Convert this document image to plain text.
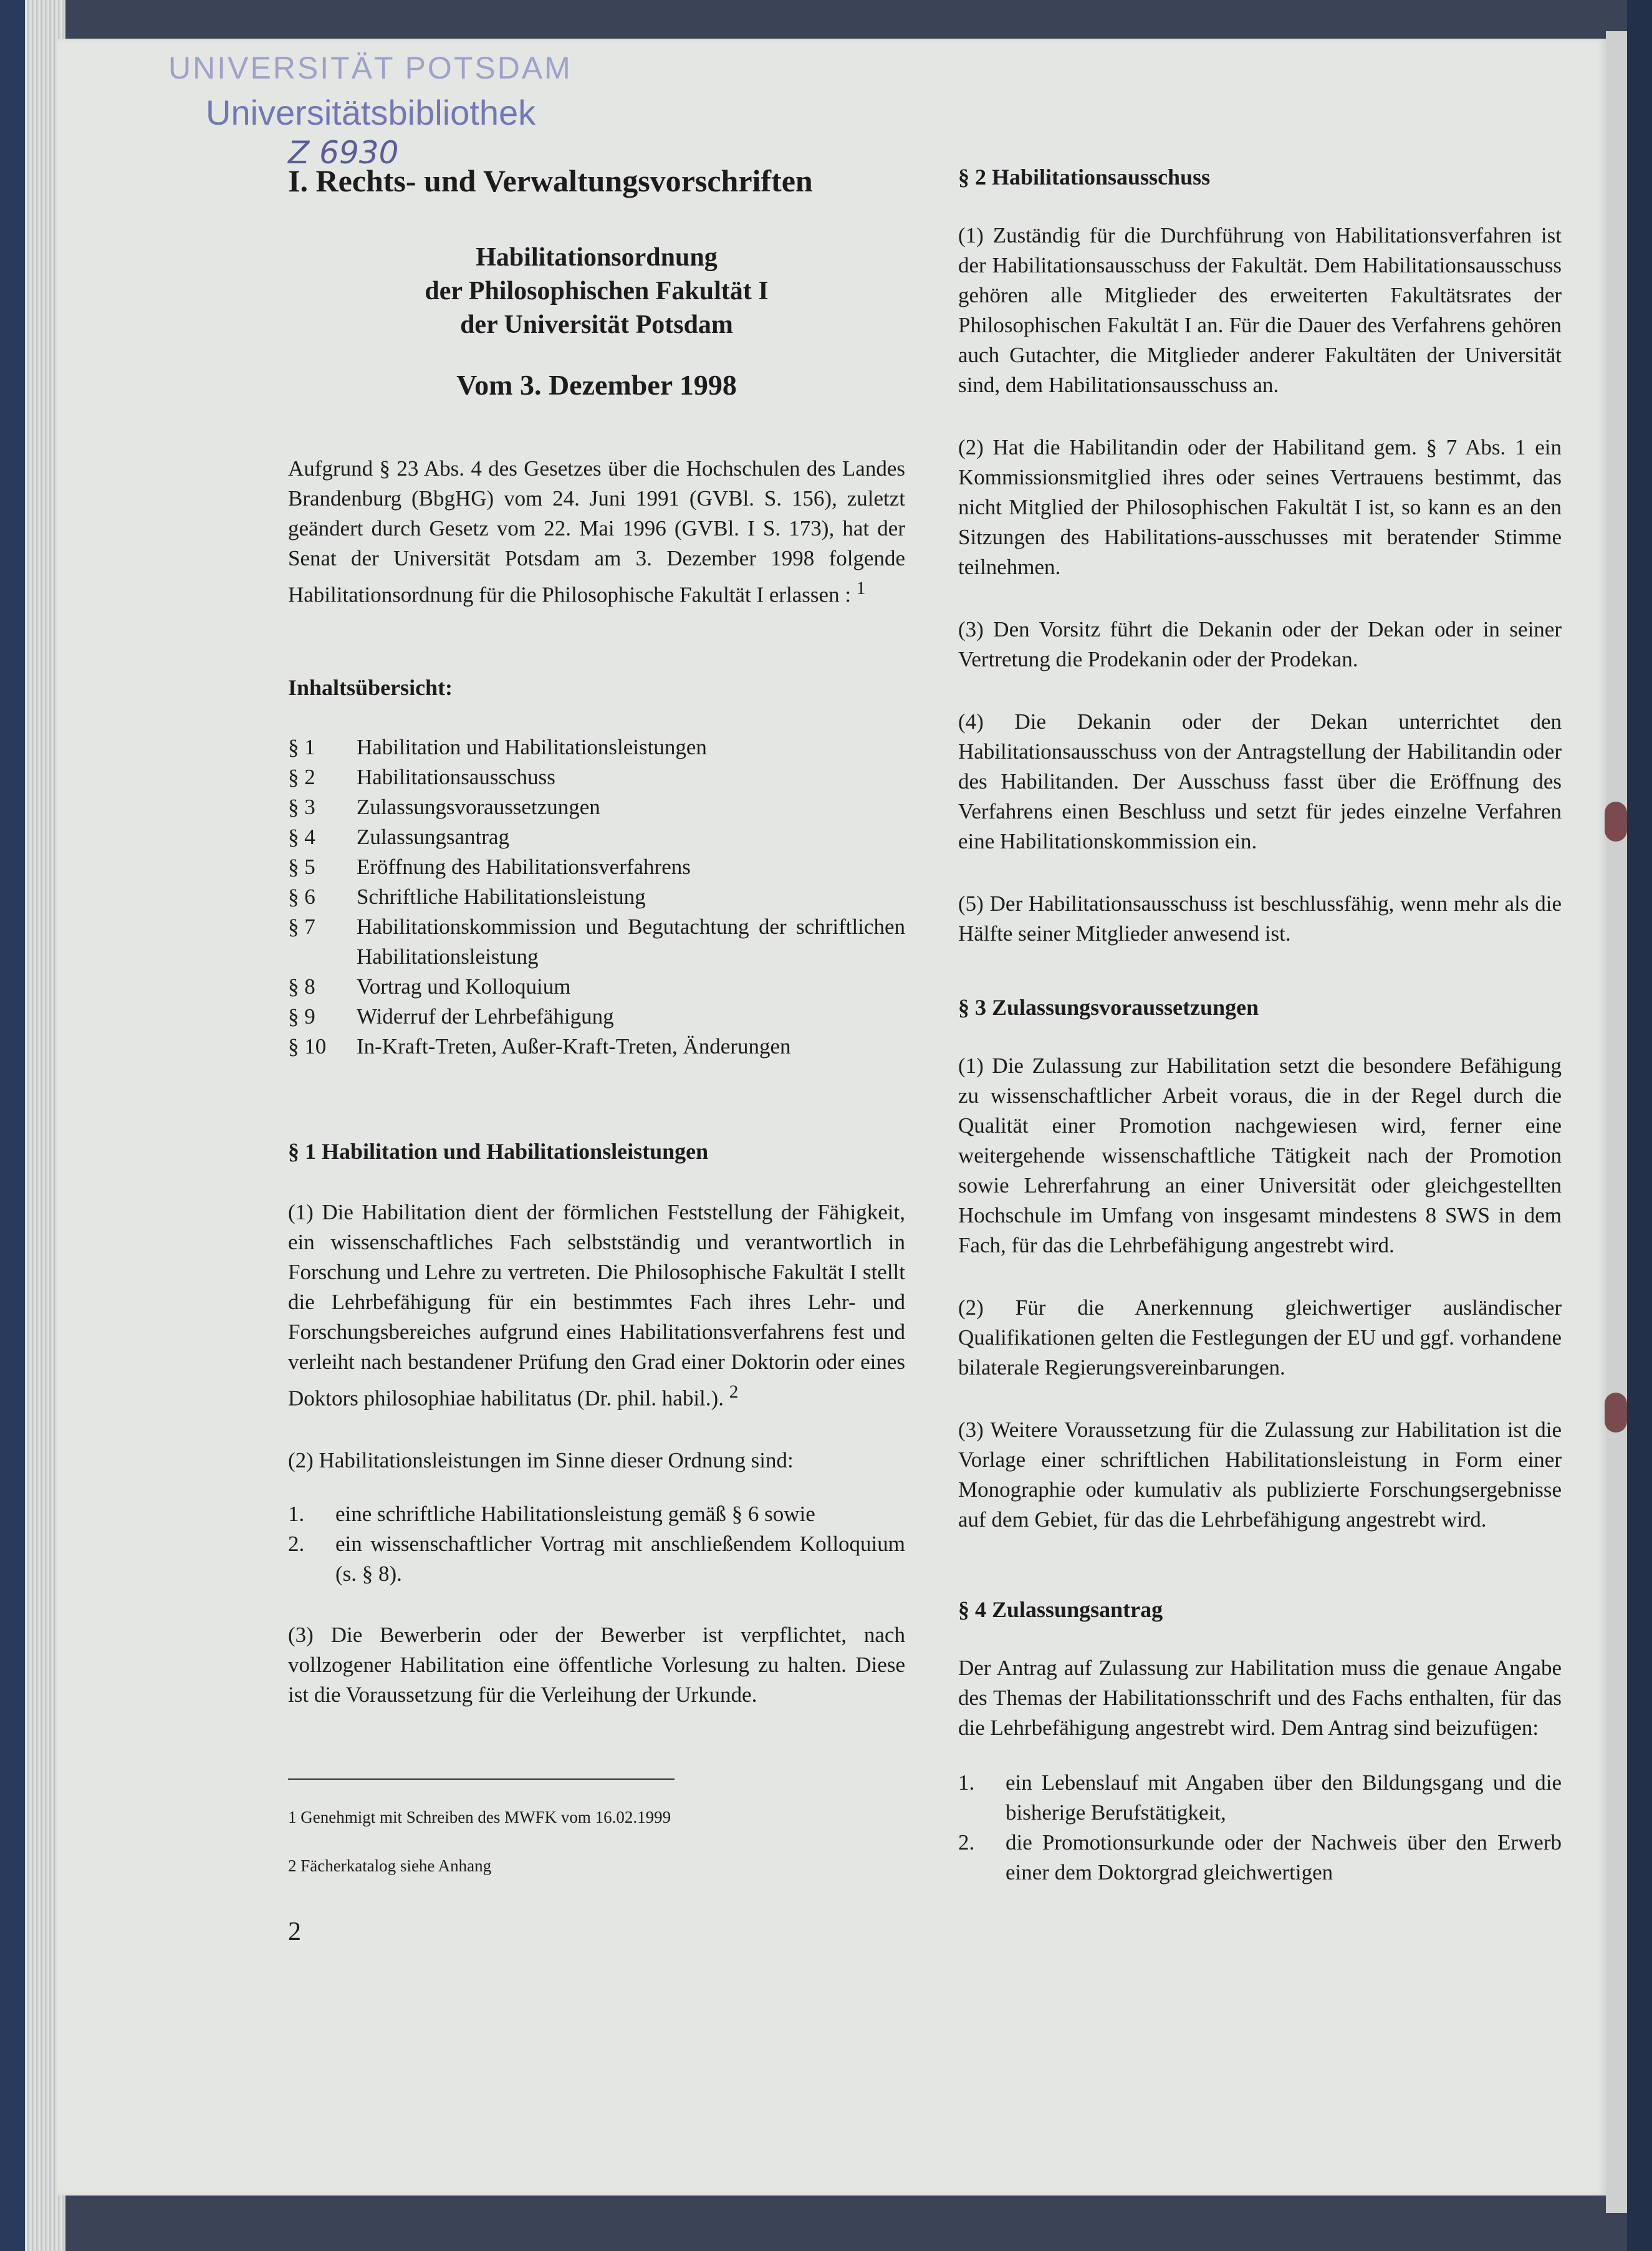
UNIVERSITÄT POTSDAM
Universitätsbibliothek
Z 6930
I. Rechts- und Verwaltungsvorschriften
Habilitationsordnung
der Philosophischen Fakultät I
der Universität Potsdam
Vom 3. Dezember 1998

Aufgrund § 23 Abs. 4 des Gesetzes über die Hochschulen des Landes Brandenburg (BbgHG) vom 24. Juni 1991 (GVBl. S. 156), zuletzt geändert durch Gesetz vom 22. Mai 1996 (GVBl. I S. 173), hat der Senat der Universität Potsdam am 3. Dezember 1998 folgende Habilitationsordnung für die Philosophische Fakultät I erlassen : $^1$

Inhaltsübersicht:

§ 1	Habilitation und Habilitationsleistungen
§ 2	Habilitationsausschuss
§ 3	Zulassungsvoraussetzungen
§ 4	Zulassungsantrag
§ 5	Eröffnung des Habilitationsverfahrens
§ 6	Schriftliche Habilitationsleistung
§ 7	Habilitationskommission und Begutachtung der schriftlichen Habilitationsleistung
§ 8	Vortrag und Kolloquium
§ 9	Widerruf der Lehrbefähigung
§ 10	In-Kraft-Treten, Außer-Kraft-Treten, Änderungen

§ 1 Habilitation und Habilitationsleistungen

(1) Die Habilitation dient der förmlichen Feststellung der Fähigkeit, ein wissenschaftliches Fach selbstständig und verantwortlich in Forschung und Lehre zu vertreten. Die Philosophische Fakultät I stellt die Lehrbefähigung für ein bestimmtes Fach ihres Lehr- und Forschungsbereiches aufgrund eines Habilitationsverfahrens fest und verleiht nach bestandener Prüfung den Grad einer Doktorin oder eines Doktors philosophiae habilitatus (Dr. phil. habil.). $^2$

(2) Habilitationsleistungen im Sinne dieser Ordnung sind:

1.	eine schriftliche Habilitationsleistung gemäß § 6 sowie
2.	ein wissenschaftlicher Vortrag mit anschließendem Kolloquium (s. § 8).

(3) Die Bewerberin oder der Bewerber ist verpflichtet, nach vollzogener Habilitation eine öffentliche Vorlesung zu halten. Diese ist die Voraussetzung für die Verleihung der Urkunde.

1 Genehmigt mit Schreiben des MWFK vom 16.02.1999
2 Fächerkatalog siehe Anhang
2

§ 2 Habilitationsausschuss

(1) Zuständig für die Durchführung von Habilitationsverfahren ist der Habilitationsausschuss der Fakultät. Dem Habilitationsausschuss gehören alle Mitglieder des erweiterten Fakultätsrates der Philosophischen Fakultät I an. Für die Dauer des Verfahrens gehören auch Gutachter, die Mitglieder anderer Fakultäten der Universität sind, dem Habilitationsausschuss an.

(2) Hat die Habilitandin oder der Habilitand gem. § 7 Abs. 1 ein Kommissionsmitglied ihres oder seines Vertrauens bestimmt, das nicht Mitglied der Philosophischen Fakultät I ist, so kann es an den Sitzungen des Habilitations-ausschusses mit beratender Stimme teilnehmen.

(3) Den Vorsitz führt die Dekanin oder der Dekan oder in seiner Vertretung die Prodekanin oder der Prodekan.

(4) Die Dekanin oder der Dekan unterrichtet den Habilitationsausschuss von der Antragstellung der Habilitandin oder des Habilitanden. Der Ausschuss fasst über die Eröffnung des Verfahrens einen Beschluss und setzt für jedes einzelne Verfahren eine Habilitationskommission ein.

(5) Der Habilitationsausschuss ist beschlussfähig, wenn mehr als die Hälfte seiner Mitglieder anwesend ist.

§ 3 Zulassungsvoraussetzungen

(1) Die Zulassung zur Habilitation setzt die besondere Befähigung zu wissenschaftlicher Arbeit voraus, die in der Regel durch die Qualität einer Promotion nachgewiesen wird, ferner eine weitergehende wissenschaftliche Tätigkeit nach der Promotion sowie Lehrerfahrung an einer Universität oder gleichgestellten Hochschule im Umfang von insgesamt mindestens 8 SWS in dem Fach, für das die Lehrbefähigung angestrebt wird.

(2) Für die Anerkennung gleichwertiger ausländischer Qualifikationen gelten die Festlegungen der EU und ggf. vorhandene bilaterale Regierungsvereinbarungen.

(3) Weitere Voraussetzung für die Zulassung zur Habilitation ist die Vorlage einer schriftlichen Habilitationsleistung in Form einer Monographie oder kumulativ als publizierte Forschungsergebnisse auf dem Gebiet, für das die Lehrbefähigung angestrebt wird.

§ 4 Zulassungsantrag

Der Antrag auf Zulassung zur Habilitation muss die genaue Angabe des Themas der Habilitationsschrift und des Fachs enthalten, für das die Lehrbefähigung angestrebt wird. Dem Antrag sind beizufügen:

1.	ein Lebenslauf mit Angaben über den Bildungsgang und die bisherige Berufstätigkeit,
2.	die Promotionsurkunde oder der Nachweis über den Erwerb einer dem Doktorgrad gleichwertigen
